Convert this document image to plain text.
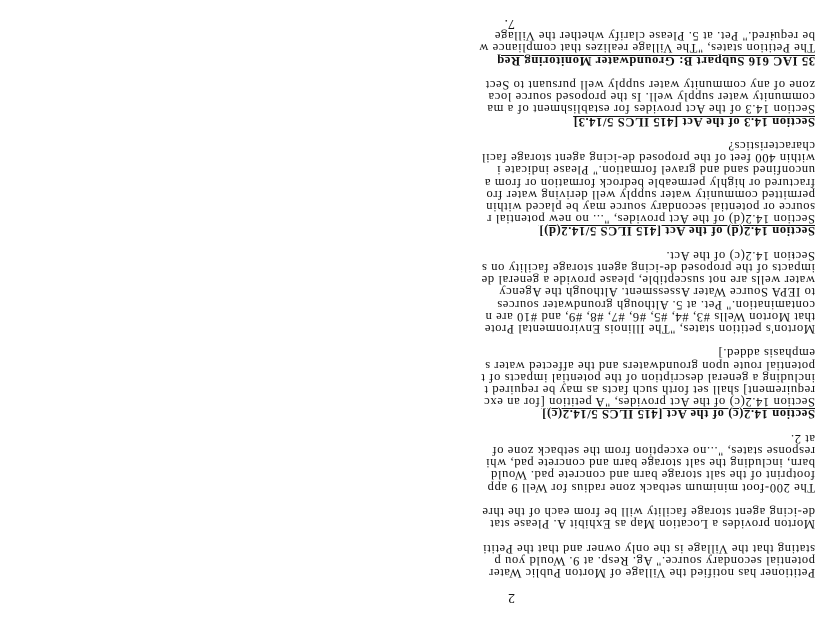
2
Petitioner has notified the Village of Morton Public Water
potential secondary source." Ag. Resp. at 9. Would you p
stating that the Village is the only owner and that the Petiti
Morton provides a Location Map as Exhibit A. Please stat
de-icing agent storage facility will be from each of the thre
The 200-foot minimum setback zone radius for Well 9 app
footprint of the salt storage barn and concrete pad. Would
barn, including the salt storage barn and concrete pad, whi
response states, "...no exception from the setback zone of
at 2.
Section 14.2(c) of the Act [415 ILCS 5/14.2(c)]
Section 14.2(c) of the Act provides, "A petition [for an exc
requirement] shall set forth such facts as may be required t
including a general description of the potential impacts of t
potential route upon groundwaters and the affected water s
emphasis added.]
Morton's petition states, "The Illinois Environmental Prote
that Morton Wells #3, #4, #5, #6, #7, #8, #9, and #10 are n
contamination." Pet. at 5. Although groundwater sources
to IEPA Source Water Assessment. Although the Agency
water wells are not susceptible, please provide a general de
impacts of the proposed de-icing agent storage facility on s
Section 14.2(c) of the Act.
Section 14.2(d) of the Act [415 ILCS 5/14.2(d)]
Section 14.2(d) of the Act provides, "... no new potential r
source or potential secondary source may be placed within
permitted community water supply well deriving water fro
fractured or highly permeable bedrock formation or from a
unconfined sand and gravel formation." Please indicate i
within 400 feet of the proposed de-icing agent storage facil
characteristics?
Section 14.3 of the Act [415 ILCS 5/14.3]
Section 14.3 of the Act provides for establishment of a ma
community water supply well. Is the proposed source loca
zone of any community water supply well pursuant to Sect
35 IAC 616 Subpart B: Groundwater Monitoring Req
The Petition states, "The Village realizes that compliance w
be required." Pet. at 5. Please clarify whether the Village
7.
